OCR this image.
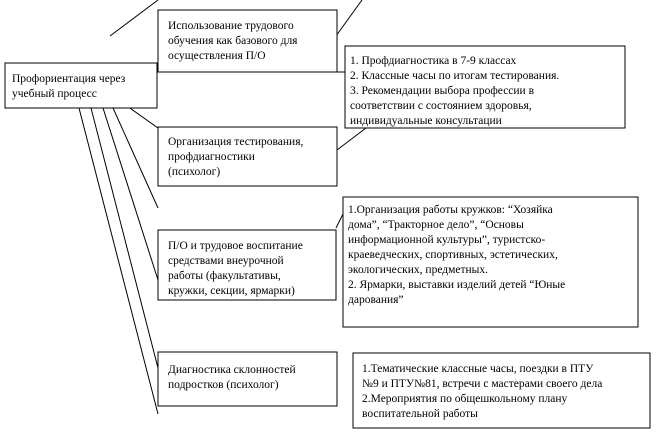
Профориентация через учебный процесс
Использование трудового обучения как базового для осуществления П/О	1. Профдиагностика в 7-9 классах 2. Классные часы по итогам тестирования. 3. Рекомендации выбора профессии в соответствии с состоянием здоровья, индивидуальные консультации
Организация тестирования, профдиагностики (психолог)
П/О и трудовое воспитание средствами внеурочной работы (факультативы, кружки, секции, ярмарки)
1.Организация работы кружков: “Хозяйка дома”, “Тракторное дело”, “Основы информационной культуры”, туристско-краеведческих, спортивных, эстетических, экологических, предметных. 2. Ярмарки, выставки изделий детей “Юные дарования”
Диагностика склонностей подростков (психолог)
1.Тематические классные часы, поездки в ПТУ №9 и ПТУ№81, встречи с мастерами своего дела 2.Мероприятия по общешкольному плану воспитательной работы
